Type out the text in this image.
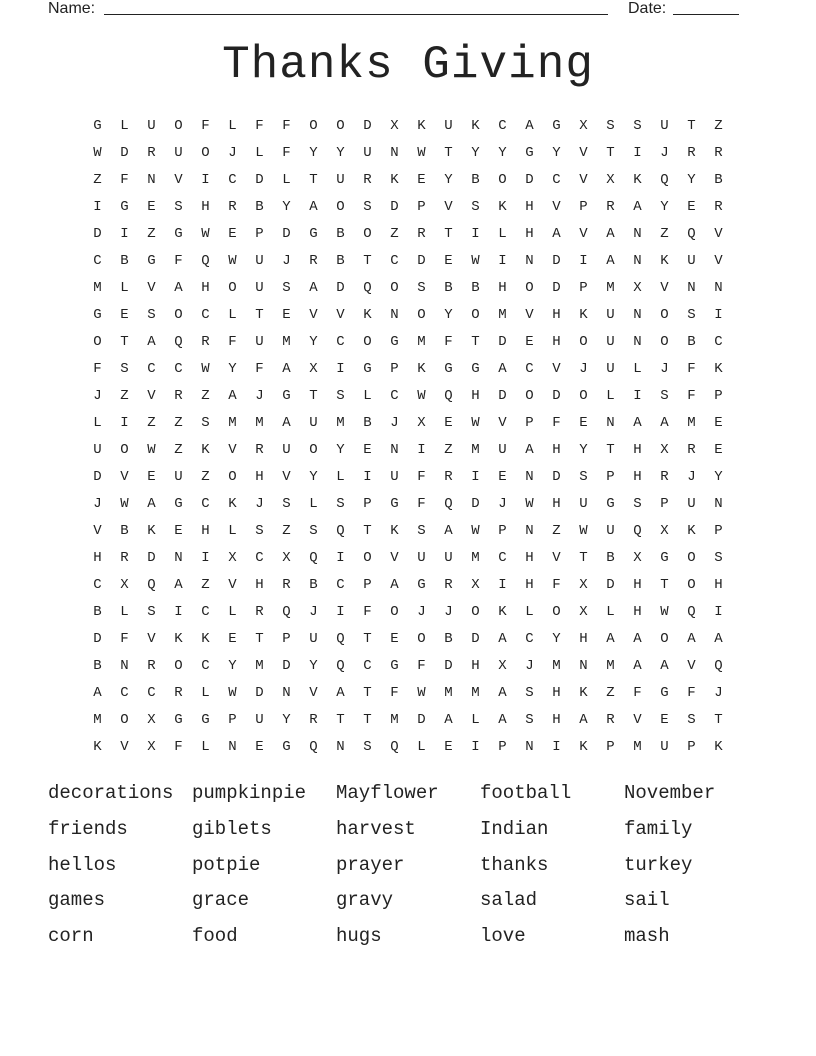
Name:	Date:
Thanks Giving
G	L	U	O	F	L	F	F	O	O	D	X	K	U	K	C	A	G	X	S	S	U	T	Z
W	D	R	U	O	J	L	F	Y	Y	U	N	W	T	Y	Y	G	Y	V	T	I	J	R	R
Z	F	N	V	I	C	D	L	T	U	R	K	E	Y	B	O	D	C	V	X	K	Q	Y	B
I	G	E	S	H	R	B	Y	A	O	S	D	P	V	S	K	H	V	P	R	A	Y	E	R
D	I	Z	G	W	E	P	D	G	B	O	Z	R	T	I	L	H	A	V	A	N	Z	Q	V
C	B	G	F	Q	W	U	J	R	B	T	C	D	E	W	I	N	D	I	A	N	K	U	V
M	L	V	A	H	O	U	S	A	D	Q	O	S	B	B	H	O	D	P	M	X	V	N	N
G	E	S	O	C	L	T	E	V	V	K	N	O	Y	O	M	V	H	K	U	N	O	S	I
O	T	A	Q	R	F	U	M	Y	C	O	G	M	F	T	D	E	H	O	U	N	O	B	C
F	S	C	C	W	Y	F	A	X	I	G	P	K	G	G	A	C	V	J	U	L	J	F	K
J	Z	V	R	Z	A	J	G	T	S	L	C	W	Q	H	D	O	D	O	L	I	S	F	P
L	I	Z	Z	S	M	M	A	U	M	B	J	X	E	W	V	P	F	E	N	A	A	M	E
U	O	W	Z	K	V	R	U	O	Y	E	N	I	Z	M	U	A	H	Y	T	H	X	R	E
D	V	E	U	Z	O	H	V	Y	L	I	U	F	R	I	E	N	D	S	P	H	R	J	Y
J	W	A	G	C	K	J	S	L	S	P	G	F	Q	D	J	W	H	U	G	S	P	U	N
V	B	K	E	H	L	S	Z	S	Q	T	K	S	A	W	P	N	Z	W	U	Q	X	K	P
H	R	D	N	I	X	C	X	Q	I	O	V	U	U	M	C	H	V	T	B	X	G	O	S
C	X	Q	A	Z	V	H	R	B	C	P	A	G	R	X	I	H	F	X	D	H	T	O	H
B	L	S	I	C	L	R	Q	J	I	F	O	J	J	O	K	L	O	X	L	H	W	Q	I
D	F	V	K	K	E	T	P	U	Q	T	E	O	B	D	A	C	Y	H	A	A	O	A	A
B	N	R	O	C	Y	M	D	Y	Q	C	G	F	D	H	X	J	M	N	M	A	A	V	Q
A	C	C	R	L	W	D	N	V	A	T	F	W	M	M	A	S	H	K	Z	F	G	F	J
M	O	X	G	G	P	U	Y	R	T	T	M	D	A	L	A	S	H	A	R	V	E	S	T
K	V	X	F	L	N	E	G	Q	N	S	Q	L	E	I	P	N	I	K	P	M	U	P	K
decorations pumpkinpie	Mayflower	football	November
friends	giblets	harvest	Indian	family
hellos	potpie	prayer	thanks	turkey
games	grace	gravy	salad	sail
corn	food	hugs	love	mash
